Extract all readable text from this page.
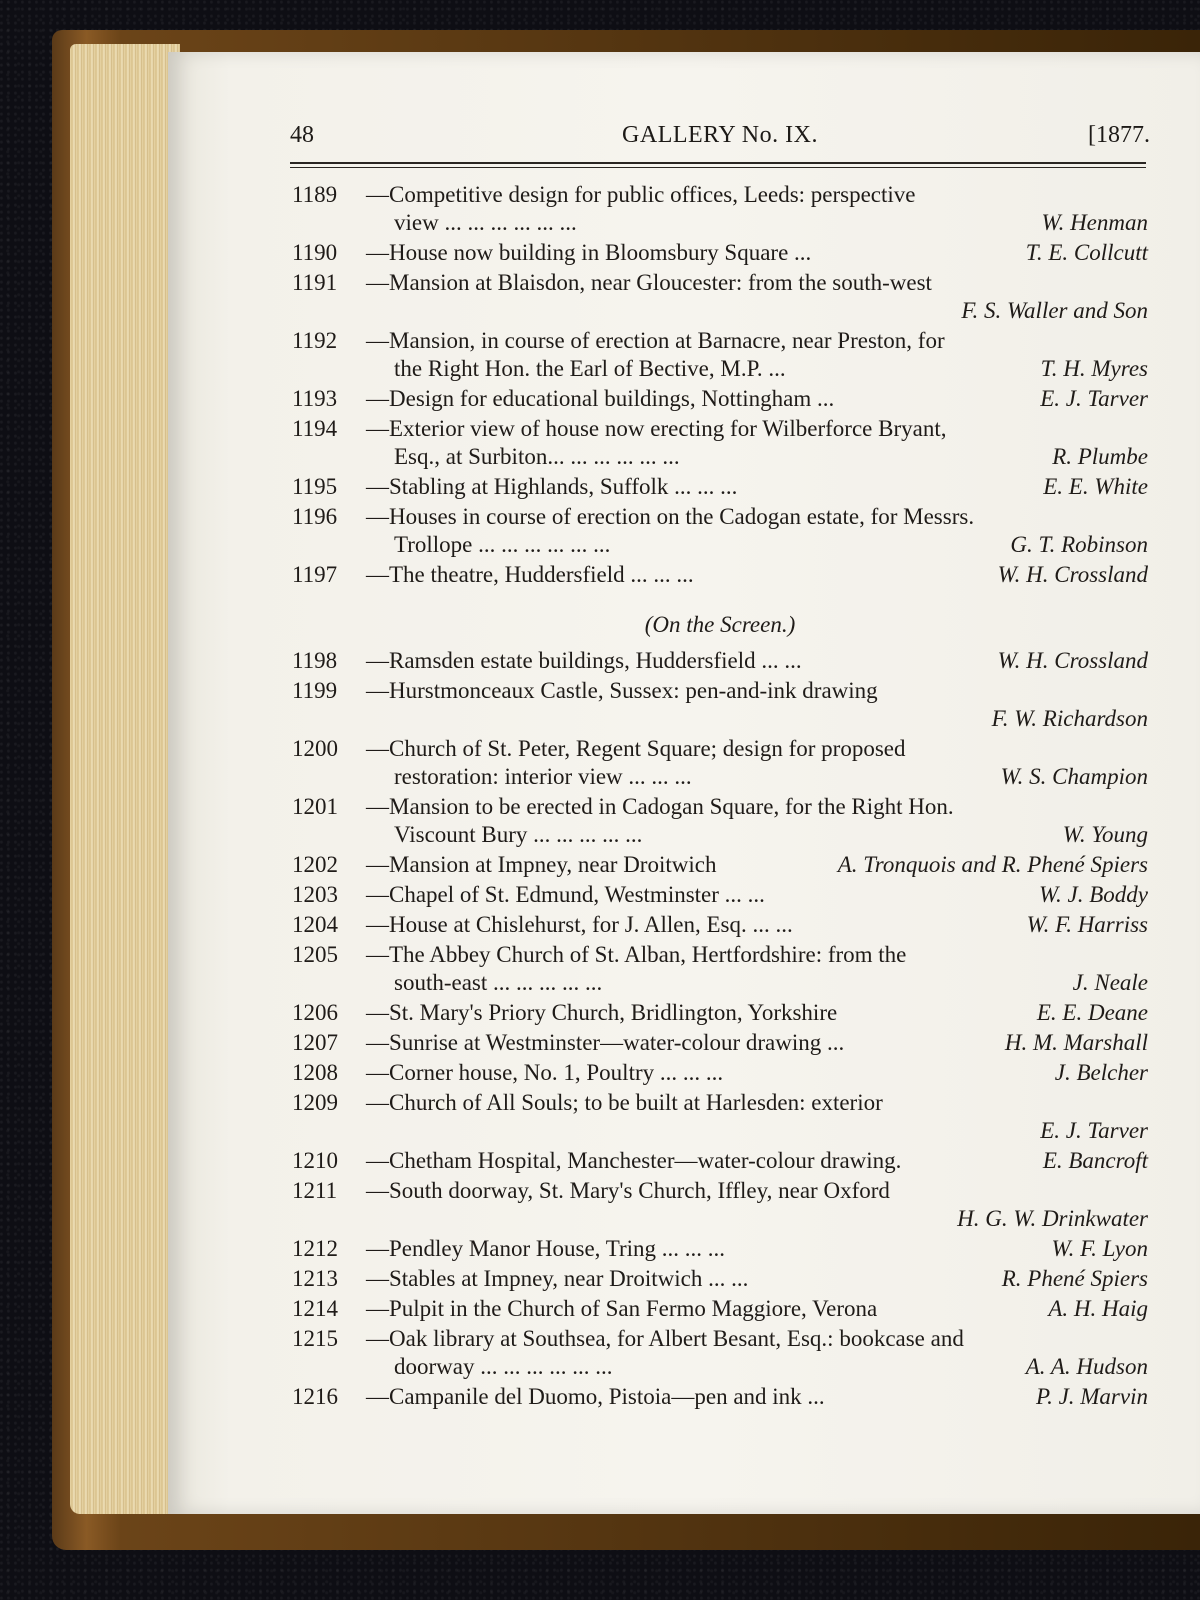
48	GALLERY No. IX.	[1877.
1189 —Competitive design for public offices, Leeds: perspective
view ... ... ... ... ... ...	W. Henman
1190 —House now building in Bloomsbury Square ...	T. E. Collcutt
1191 —Mansion at Blaisdon, near Gloucester: from the south-west
F. S. Waller and Son
1192 —Mansion, in course of erection at Barnacre, near Preston, for
the Right Hon. the Earl of Bective, M.P. ...	T. H. Myres
1193 —Design for educational buildings, Nottingham ...	E. J. Tarver
1194 —Exterior view of house now erecting for Wilberforce Bryant,
Esq., at Surbiton... ... ... ... ... ...	R. Plumbe
1195 —Stabling at Highlands, Suffolk ... ... ...	E. E. White
1196 —Houses in course of erection on the Cadogan estate, for Messrs.
Trollope ... ... ... ... ... ...	G. T. Robinson
1197 —The theatre, Huddersfield ... ... ...	W. H. Crossland
1198 —Ramsden estate buildings, Huddersfield ... ...	W. H. Crossland
1199 —Hurstmonceaux Castle, Sussex: pen-and-ink drawing
F. W. Richardson
1200 —Church of St. Peter, Regent Square; design for proposed
restoration: interior view ... ... ...	W. S. Champion
1201 —Mansion to be erected in Cadogan Square, for the Right Hon.
Viscount Bury ... ... ... ... ...	W. Young
1202 —Mansion at Impney, near Droitwich	A. Tronquois and R. Phené Spiers
1203 —Chapel of St. Edmund, Westminster ... ...	W. J. Boddy
1204 —House at Chislehurst, for J. Allen, Esq. ... ...	W. F. Harriss
1205 —The Abbey Church of St. Alban, Hertfordshire: from the
south-east ... ... ... ... ...	J. Neale
1206 —St. Mary's Priory Church, Bridlington, Yorkshire	E. E. Deane
1207 —Sunrise at Westminster—water-colour drawing ...	H. M. Marshall
1208 —Corner house, No. 1, Poultry ... ... ...	J. Belcher
1209 —Church of All Souls; to be built at Harlesden: exterior
E. J. Tarver
1210 —Chetham Hospital, Manchester—water-colour drawing.	E. Bancroft
1211 —South doorway, St. Mary's Church, Iffley, near Oxford
H. G. W. Drinkwater
1212 —Pendley Manor House, Tring ... ... ...	W. F. Lyon
1213 —Stables at Impney, near Droitwich ... ...	R. Phené Spiers
1214 —Pulpit in the Church of San Fermo Maggiore, Verona	A. H. Haig
1215 —Oak library at Southsea, for Albert Besant, Esq.: bookcase and
doorway ... ... ... ... ... ...	A. A. Hudson
1216 —Campanile del Duomo, Pistoia—pen and ink ...	P. J. Marvin
(On the Screen.)
